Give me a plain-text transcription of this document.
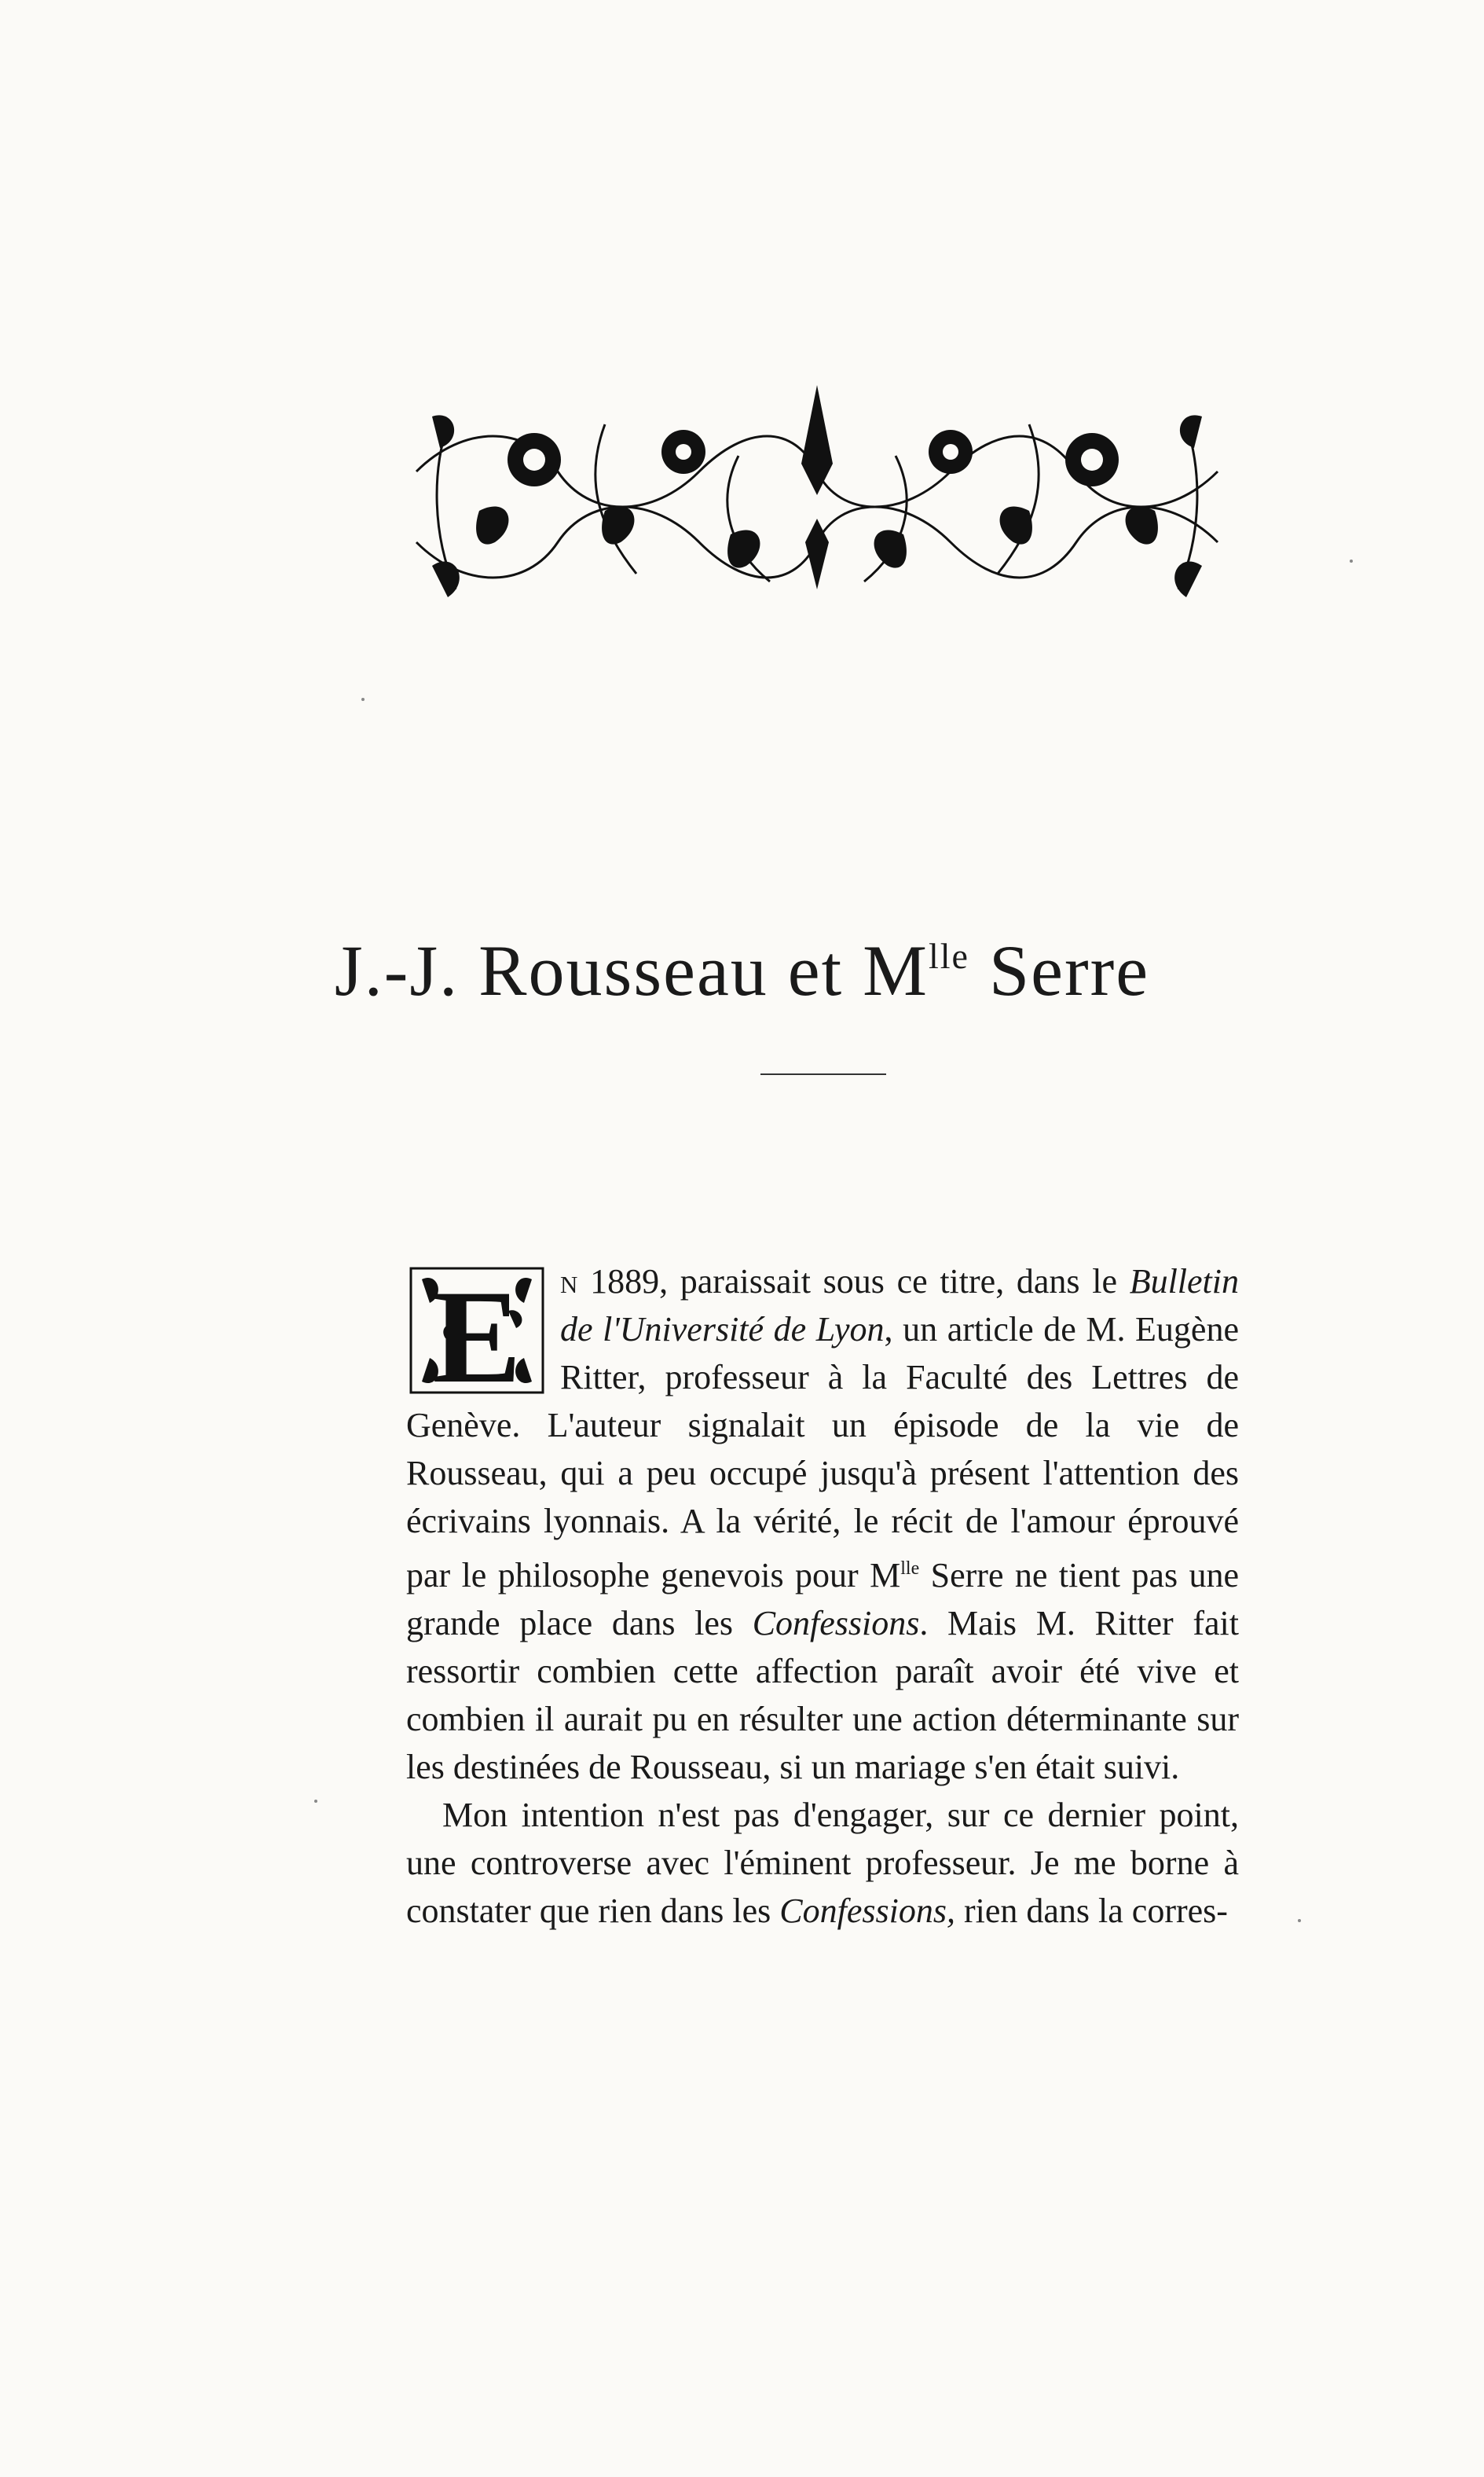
J.-J. Rousseau et $M^{lle}$ Serre

E n 1889, paraissait sous ce titre, dans le Bulletin de l'Université de Lyon, un article de M. Eugène Ritter, professeur à la Faculté des Lettres de Genève. L'auteur signalait un épisode de la vie de Rousseau, qui a peu occupé jusqu'à présent l'attention des écrivains lyonnais. A la vérité, le récit de l'amour éprouvé par le philosophe genevois pour $M^{lle}$ Serre ne tient pas une grande place dans les Confessions. Mais M. Ritter fait ressortir combien cette affection paraît avoir été vive et combien il aurait pu en résulter une action déterminante sur les destinées de Rousseau, si un mariage s'en était suivi.

Mon intention n'est pas d'engager, sur ce dernier point, une controverse avec l'éminent professeur. Je me borne à constater que rien dans les Confessions, rien dans la corres-
